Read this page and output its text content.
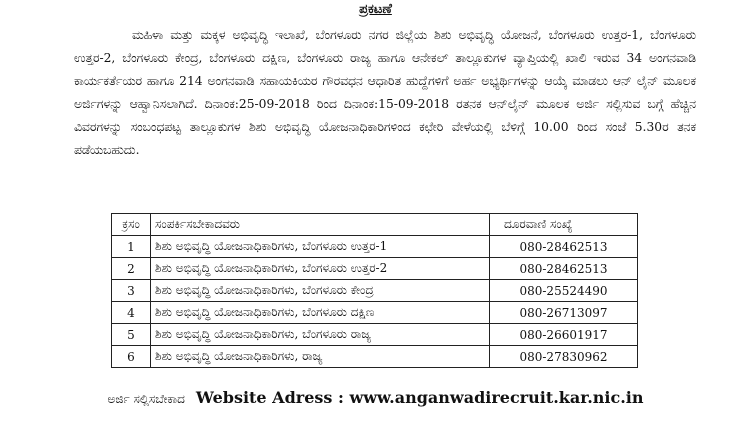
ಪ್ರಕಟಣೆ

ಮಹಿಳಾ ಮತ್ತು ಮಕ್ಕಳ ಅಭಿವೃದ್ಧಿ ಇಲಾಖೆ, ಬೆಂಗಳೂರು ನಗರ ಜಿಲ್ಲೆಯ ಶಿಶು ಅಭಿವೃದ್ಧಿ ಯೋಜನೆ, ಬೆಂಗಳೂರು ಉತ್ತರ-1, ಬೆಂಗಳೂರು ಉತ್ತರ-2, ಬೆಂಗಳೂರು ಕೇಂದ್ರ, ಬೆಂಗಳೂರು ದಕ್ಷಿಣ, ಬೆಂಗಳೂರು ರಾಜ್ಯ ಹಾಗೂ ಆನೇಕಲ್ ತಾಲ್ಲೂಕುಗಳ ವ್ಯಾಪ್ತಿಯಲ್ಲಿ ಖಾಲಿ ಇರುವ 34 ಅಂಗನವಾಡಿ ಕಾರ್ಯಕರ್ತೆಯರ ಹಾಗೂ 214 ಅಂಗನವಾಡಿ ಸಹಾಯಕಿಯರ ಗೌರವಧನ ಆಧಾರಿತ ಹುದ್ದೆಗಳಿಗೆ ಅರ್ಹ ಅಭ್ಯರ್ಥಿಗಳನ್ನು ಆಯ್ಕೆ ಮಾಡಲು ಆನ್ ಲೈನ್ ಮೂಲಕ ಅರ್ಜಿಗಳನ್ನು ಆಹ್ವಾನಿಸಲಾಗಿದೆ. ದಿನಾಂಕ:25-09-2018 ರಿಂದ ದಿನಾಂಕ:15-09-2018 ರತನಕ ಆನ್‌ಲೈನ್ ಮೂಲಕ ಅರ್ಜಿ ಸಲ್ಲಿಸುವ ಬಗ್ಗೆ ಹೆಚ್ಚಿನ ವಿವರಗಳನ್ನು ಸಂಬಂಧಪಟ್ಟ ತಾಲ್ಲೂಕುಗಳ ಶಿಶು ಅಭಿವೃದ್ಧಿ ಯೋಜನಾಧಿಕಾರಿಗಳಿಂದ ಕಛೇರಿ ವೇಳೆಯಲ್ಲಿ ಬೆಳಿಗ್ಗೆ 10.00 ರಿಂದ ಸಂಜೆ 5.30ರ ತನಕ ಪಡೆಯಬಹುದು.

ಕ್ರಸಂ	ಸಂಪರ್ಕಿಸಬೇಕಾದವರು	ದೂರವಾಣಿ ಸಂಖ್ಯೆ
1	ಶಿಶು ಅಭಿವೃದ್ಧಿ ಯೋಜನಾಧಿಕಾರಿಗಳು, ಬೆಂಗಳೂರು ಉತ್ತರ-1	080-28462513
2	ಶಿಶು ಅಭಿವೃದ್ಧಿ ಯೋಜನಾಧಿಕಾರಿಗಳು, ಬೆಂಗಳೂರು ಉತ್ತರ-2	080-28462513
3	ಶಿಶು ಅಭಿವೃದ್ಧಿ ಯೋಜನಾಧಿಕಾರಿಗಳು, ಬೆಂಗಳೂರು ಕೇಂದ್ರ	080-25524490
4	ಶಿಶು ಅಭಿವೃದ್ಧಿ ಯೋಜನಾಧಿಕಾರಿಗಳು, ಬೆಂಗಳೂರು ದಕ್ಷಿಣ	080-26713097
5	ಶಿಶು ಅಭಿವೃದ್ಧಿ ಯೋಜನಾಧಿಕಾರಿಗಳು, ಬೆಂಗಳೂರು ರಾಜ್ಯ	080-26601917
6	ಶಿಶು ಅಭಿವೃದ್ಧಿ ಯೋಜನಾಧಿಕಾರಿಗಳು, ರಾಜ್ಯ	080-27830962
ಅರ್ಜಿ ಸಲ್ಲಿಸಬೇಕಾದ Website Adress : www.anganwadirecruit.kar.nic.in
